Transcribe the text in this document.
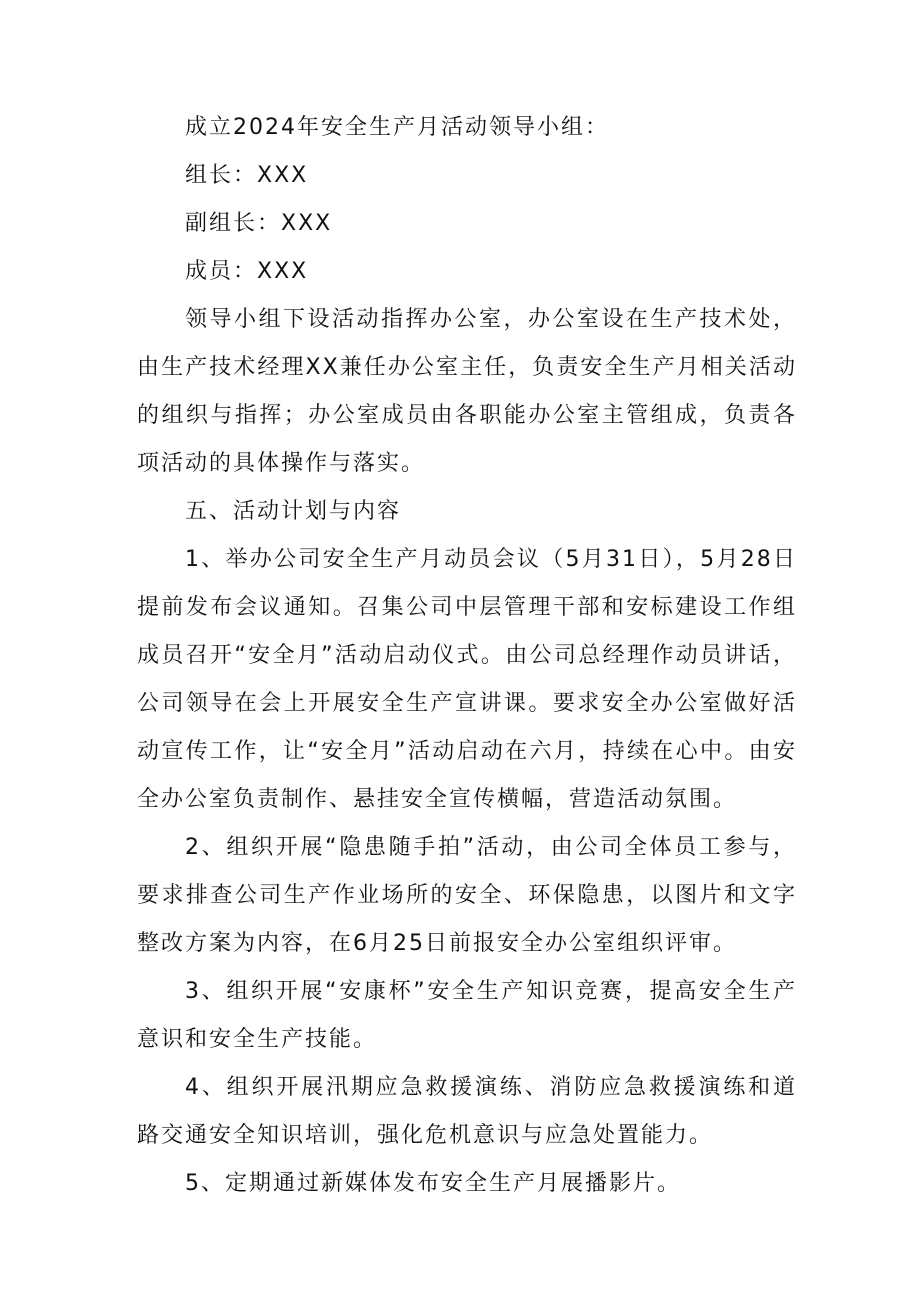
成立2024年安全生产月活动领导小组：

组长：XXX

副组长：XXX

成员：XXX

领导小组下设活动指挥办公室，办公室设在生产技术处，由生产技术经理XX兼任办公室主任，负责安全生产月相关活动的组织与指挥；办公室成员由各职能办公室主管组成，负责各项活动的具体操作与落实。

五、活动计划与内容

1、举办公司安全生产月动员会议（5月31日），5月28日提前发布会议通知。召集公司中层管理干部和安标建设工作组成员召开“安全月”活动启动仪式。由公司总经理作动员讲话，公司领导在会上开展安全生产宣讲课。要求安全办公室做好活动宣传工作，让“安全月”活动启动在六月，持续在心中。由安全办公室负责制作、悬挂安全宣传横幅，营造活动氛围。

2、组织开展“隐患随手拍”活动，由公司全体员工参与，要求排查公司生产作业场所的安全、环保隐患，以图片和文字整改方案为内容，在6月25日前报安全办公室组织评审。

3、组织开展“安康杯”安全生产知识竞赛，提高安全生产意识和安全生产技能。

4、组织开展汛期应急救援演练、消防应急救援演练和道路交通安全知识培训，强化危机意识与应急处置能力。

5、定期通过新媒体发布安全生产月展播影片。
